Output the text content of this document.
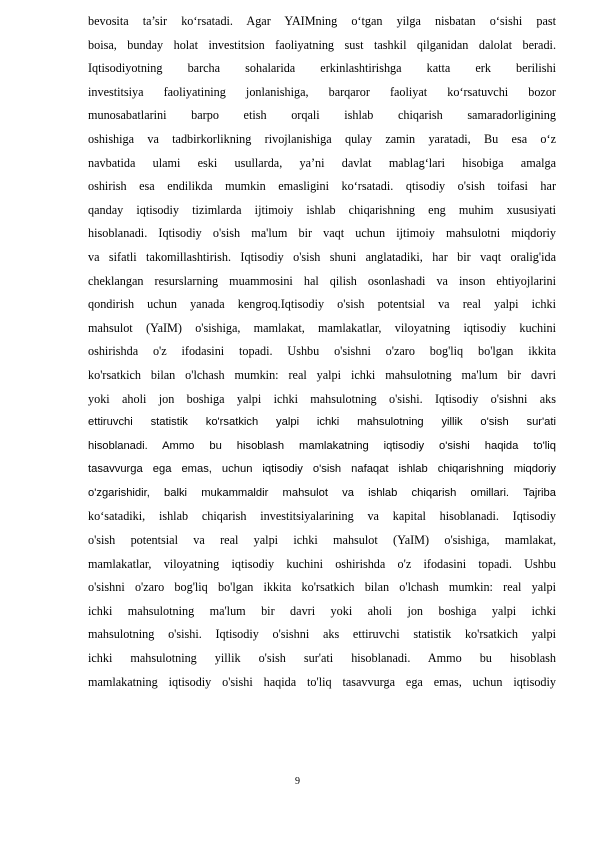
bevosita ta’sir ko‘rsatadi. Agar YAIMning o‘tgan yilga nisbatan o‘sishi past
boisa, bunday holat investitsion faoliyatning sust tashkil qilganidan dalolat beradi.
Iqtisodiyotning barcha sohalarida erkinlashtirishga katta erk berilishi
investitsiya faoliyatining jonlanishiga, barqaror faoliyat ko‘rsatuvchi bozor
munosabatlarini barpo etish orqali ishlab chiqarish samaradorligining
oshishiga va tadbirkorlikning rivojlanishiga qulay zamin yaratadi, Bu esa o‘z
navbatida ulami eski usullarda, ya’ni davlat mablag‘lari hisobiga amalga
oshirish esa endilikda mumkin emasligini ko‘rsatadi. qtisodiy o'sish toifasi har
qanday iqtisodiy tizimlarda ijtimoiy ishlab chiqarishning eng muhim xususiyati
hisoblanadi. Iqtisodiy o'sish ma'lum bir vaqt uchun ijtimoiy mahsulotni miqdoriy
va sifatli takomillashtirish. Iqtisodiy o'sish shuni anglatadiki, har bir vaqt oralig'ida
cheklangan resurslarning muammosini hal qilish osonlashadi va inson ehtiyojlarini
qondirish uchun yanada kengroq.Iqtisodiy o'sish potentsial va real yalpi ichki
mahsulot (YaIM) o'sishiga, mamlakat, mamlakatlar, viloyatning iqtisodiy kuchini
oshirishda o'z ifodasini topadi. Ushbu o'sishni o'zaro bog'liq bo'lgan ikkita
ko'rsatkich bilan o'lchash mumkin: real yalpi ichki mahsulotning ma'lum bir davri
yoki aholi jon boshiga yalpi ichki mahsulotning o'sishi. Iqtisodiy o'sishni aks
ettiruvchi statistik ko'rsatkich yalpi ichki mahsulotning yillik o'sish sur'ati
hisoblanadi. Ammo bu hisoblash mamlakatning iqtisodiy o'sishi haqida to'liq
tasavvurga ega emas, uchun iqtisodiy o'sish nafaqat ishlab chiqarishning miqdoriy
o'zgarishidir, balki mukammaldir mahsulot va ishlab chiqarish omillari. Tajriba
ko‘satadiki, ishlab chiqarish investitsiyalarining va kapital hisoblanadi. Iqtisodiy
o'sish potentsial va real yalpi ichki mahsulot (YaIM) o'sishiga, mamlakat,
mamlakatlar, viloyatning iqtisodiy kuchini oshirishda o'z ifodasini topadi. Ushbu
o'sishni o'zaro bog'liq bo'lgan ikkita ko'rsatkich bilan o'lchash mumkin: real yalpi
ichki mahsulotning ma'lum bir davri yoki aholi jon boshiga yalpi ichki
mahsulotning o'sishi. Iqtisodiy o'sishni aks ettiruvchi statistik ko'rsatkich yalpi
ichki mahsulotning yillik o'sish sur'ati hisoblanadi. Ammo bu hisoblash
mamlakatning iqtisodiy o'sishi haqida to'liq tasavvurga ega emas, uchun iqtisodiy
9
